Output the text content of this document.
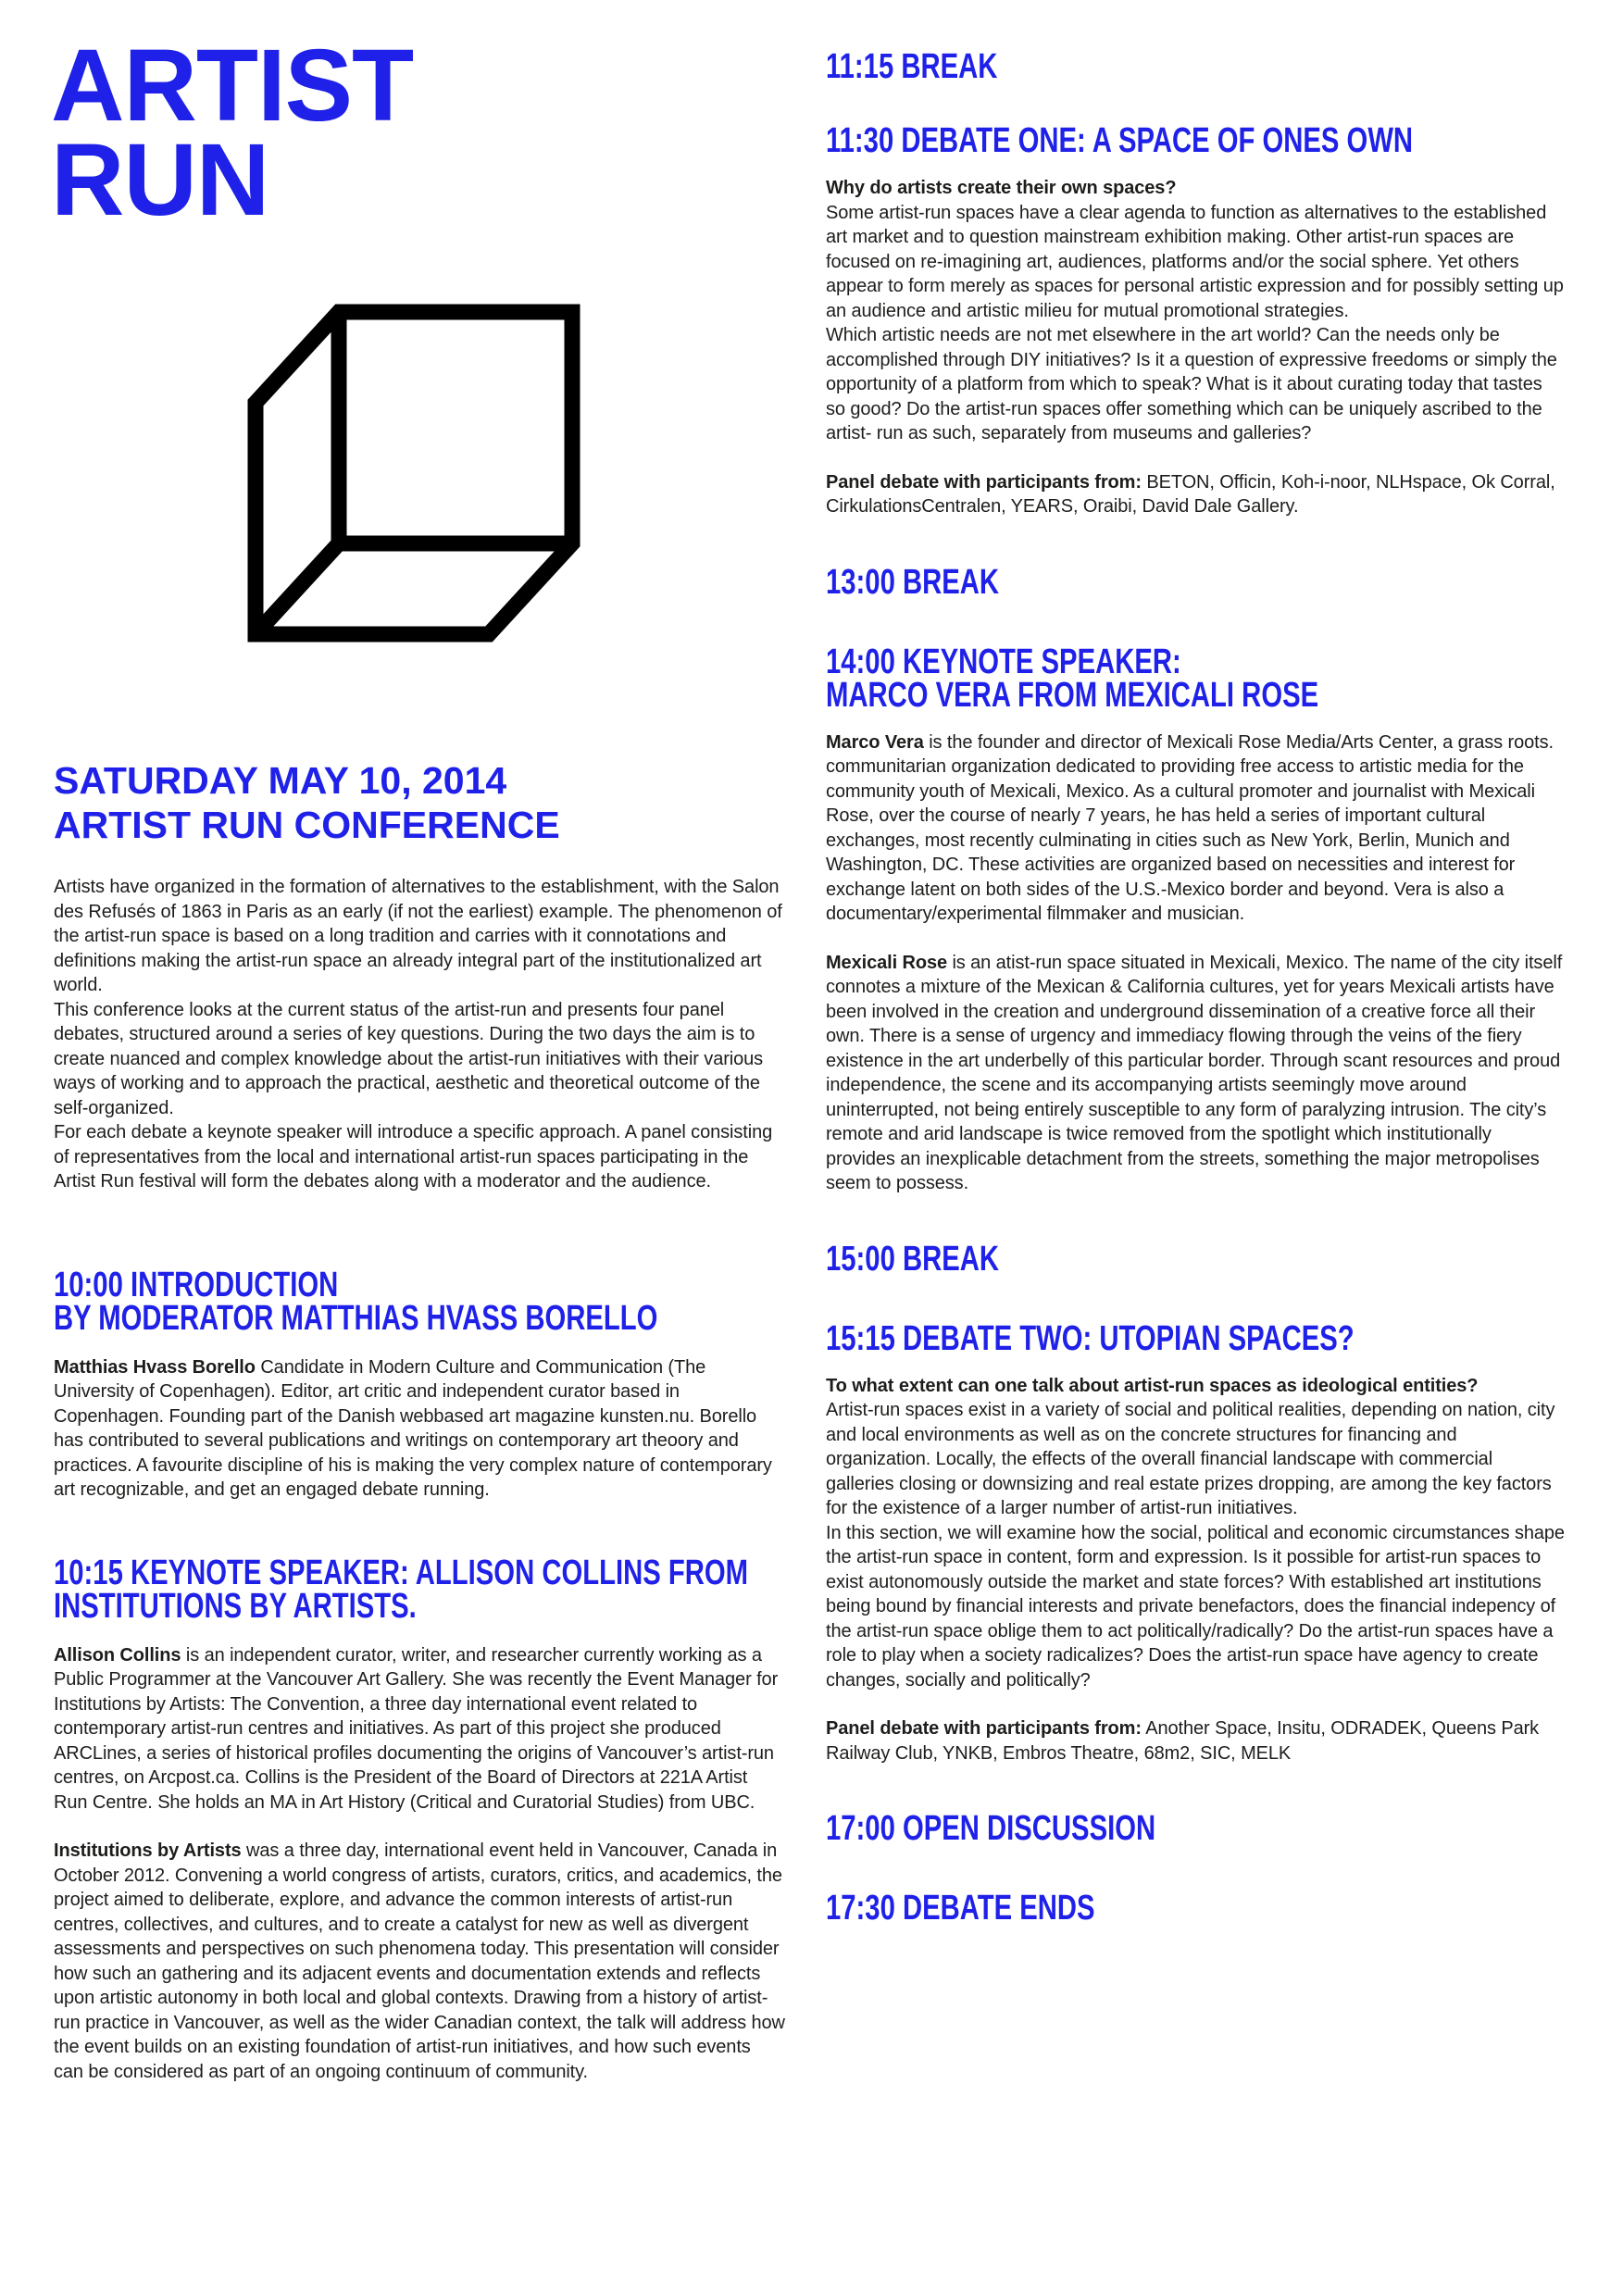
ARTIST
RUN
SATURDAY MAY 10, 2014
ARTIST RUN CONFERENCE

Artists have organized in the formation of alternatives to the establishment, with the Salon des Refusés of 1863 in Paris as an early (if not the earliest) example. The phenomenon of the artist-run space is based on a long tradition and carries with it connotations and definitions making the artist-run space an already integral part of the institutionalized art world.

This conference looks at the current status of the artist-run and presents four panel debates, structured around a series of key questions. During the two days the aim is to create nuanced and complex knowledge about the artist-run initiatives with their various ways of working and to approach the practical, aesthetic and theoretical outcome of the self-organized.

For each debate a keynote speaker will introduce a specific approach. A panel consisting of representatives from the local and international artist-run spaces participating in the Artist Run festival will form the debates along with a moderator and the audience.

10:00 INTRODUCTION
BY MODERATOR MATTHIAS HVASS BORELLO

Matthias Hvass Borello Candidate in Modern Culture and Communication (The University of Copenhagen). Editor, art critic and independent curator based in Copenhagen. Founding part of the Danish webbased art magazine kunsten.nu. Borello has contributed to several publications and writings on contemporary art theoory and practices. A favourite discipline of his is making the very complex nature of contemporary art recognizable, and get an engaged debate running.

10:15 KEYNOTE SPEAKER: ALLISON COLLINS FROM
INSTITUTIONS BY ARTISTS.

Allison Collins is an independent curator, writer, and researcher currently working as a Public Programmer at the Vancouver Art Gallery. She was recently the Event Manager for Institutions by Artists: The Convention, a three day international event related to contemporary artist-run centres and initiatives. As part of this project she produced ARCLines, a series of historical profiles documenting the origins of Vancouver’s artist-run centres, on Arcpost.ca. Collins is the President of the Board of Directors at 221A Artist Run Centre. She holds an MA in Art History (Critical and Curatorial Studies) from UBC.

Institutions by Artists was a three day, international event held in Vancouver, Canada in October 2012. Convening a world congress of artists, curators, critics, and academics, the project aimed to deliberate, explore, and advance the common interests of artist-run centres, collectives, and cultures, and to create a catalyst for new as well as divergent assessments and perspectives on such phenomena today. This presentation will consider how such an gathering and its adjacent events and documentation extends and reflects upon artistic autonomy in both local and global contexts. Drawing from a history of artist-run practice in Vancouver, as well as the wider Canadian context, the talk will address how the event builds on an existing foundation of artist-run initiatives, and how such events can be considered as part of an ongoing continuum of community.

11:15 BREAK
11:30 DEBATE ONE: A SPACE OF ONES OWN

Why do artists create their own spaces?

Some artist-run spaces have a clear agenda to function as alternatives to the established art market and to question mainstream exhibition making. Other artist-run spaces are focused on re-imagining art, audiences, platforms and/or the social sphere. Yet others appear to form merely as spaces for personal artistic expression and for possibly setting up an audience and artistic milieu for mutual promotional strategies.

Which artistic needs are not met elsewhere in the art world? Can the needs only be accomplished through DIY initiatives? Is it a question of expressive freedoms or simply the opportunity of a platform from which to speak? What is it about curating today that tastes so good? Do the artist-run spaces offer something which can be uniquely ascribed to the artist- run as such, separately from museums and galleries?

Panel debate with participants from: BETON, Officin, Koh-i-noor, NLHspace, Ok Corral, CirkulationsCentralen, YEARS, Oraibi, David Dale Gallery.

13:00 BREAK
14:00 KEYNOTE SPEAKER:
MARCO VERA FROM MEXICALI ROSE

Marco Vera is the founder and director of Mexicali Rose Media/Arts Center, a grass roots. communitarian organization dedicated to providing free access to artistic media for the community youth of Mexicali, Mexico. As a cultural promoter and journalist with Mexicali Rose, over the course of nearly 7 years, he has held a series of important cultural exchanges, most recently culminating in cities such as New York, Berlin, Munich and Washington, DC. These activities are organized based on necessities and interest for exchange latent on both sides of the U.S.-Mexico border and beyond. Vera is also a documentary/experimental filmmaker and musician.

Mexicali Rose is an atist-run space situated in Mexicali, Mexico. The name of the city itself connotes a mixture of the Mexican & California cultures, yet for years Mexicali artists have been involved in the creation and underground dissemination of a creative force all their own. There is a sense of urgency and immediacy flowing through the veins of the fiery existence in the art underbelly of this particular border. Through scant resources and proud independence, the scene and its accompanying artists seemingly move around uninterrupted, not being entirely susceptible to any form of paralyzing intrusion. The city’s remote and arid landscape is twice removed from the spotlight which institutionally provides an inexplicable detachment from the streets, something the major metropolises seem to possess.

15:00 BREAK
15:15 DEBATE TWO: UTOPIAN SPACES?

To what extent can one talk about artist-run spaces as ideological entities?

Artist-run spaces exist in a variety of social and political realities, depending on nation, city and local environments as well as on the concrete structures for financing and organization. Locally, the effects of the overall financial landscape with commercial galleries closing or downsizing and real estate prizes dropping, are among the key factors for the existence of a larger number of artist-run initiatives.

In this section, we will examine how the social, political and economic circumstances shape the artist-run space in content, form and expression. Is it possible for artist-run spaces to exist autonomously outside the market and state forces? With established art institutions being bound by financial interests and private benefactors, does the financial indepency of the artist-run space oblige them to act politically/radically? Do the artist-run spaces have a role to play when a society radicalizes? Does the artist-run space have agency to create changes, socially and politically?

Panel debate with participants from: Another Space, Insitu, ODRADEK, Queens Park Railway Club, YNKB, Embros Theatre, 68m2, SIC, MELK

17:00 OPEN DISCUSSION
17:30 DEBATE ENDS
